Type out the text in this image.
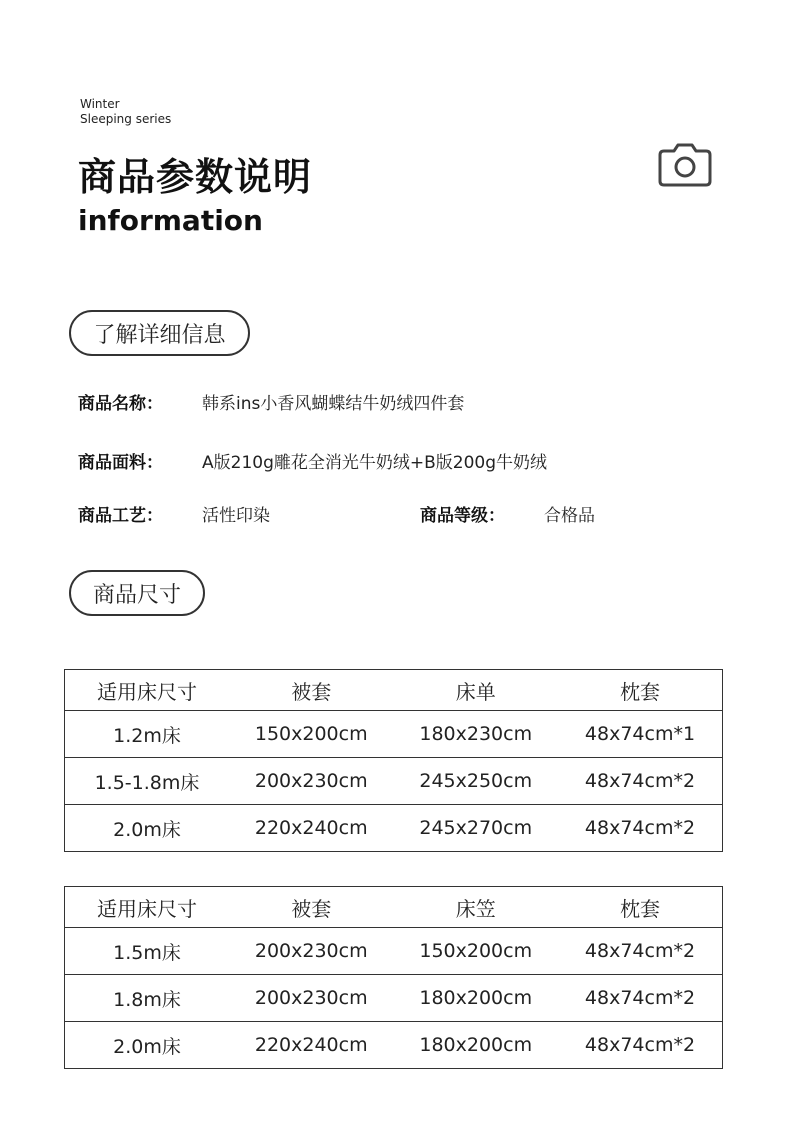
Winter
Sleeping series
商品参数说明
information
了解详细信息
商品名称： 韩系ins小香风蝴蝶结牛奶绒四件套
商品面料： A版210g雕花全消光牛奶绒+B版200g牛奶绒
商品工艺： 活性印染	商品等级： 合格品
商品尺寸
适用床尺寸	被套	床单	枕套
1.2m床	150x200cm	180x230cm	48x74cm*1
1.5-1.8m床	200x230cm	245x250cm	48x74cm*2
2.0m床	220x240cm	245x270cm	48x74cm*2
适用床尺寸	被套	床笠	枕套
1.5m床	200x230cm	150x200cm	48x74cm*2
1.8m床	200x230cm	180x200cm	48x74cm*2
2.0m床	220x240cm	180x200cm	48x74cm*2
